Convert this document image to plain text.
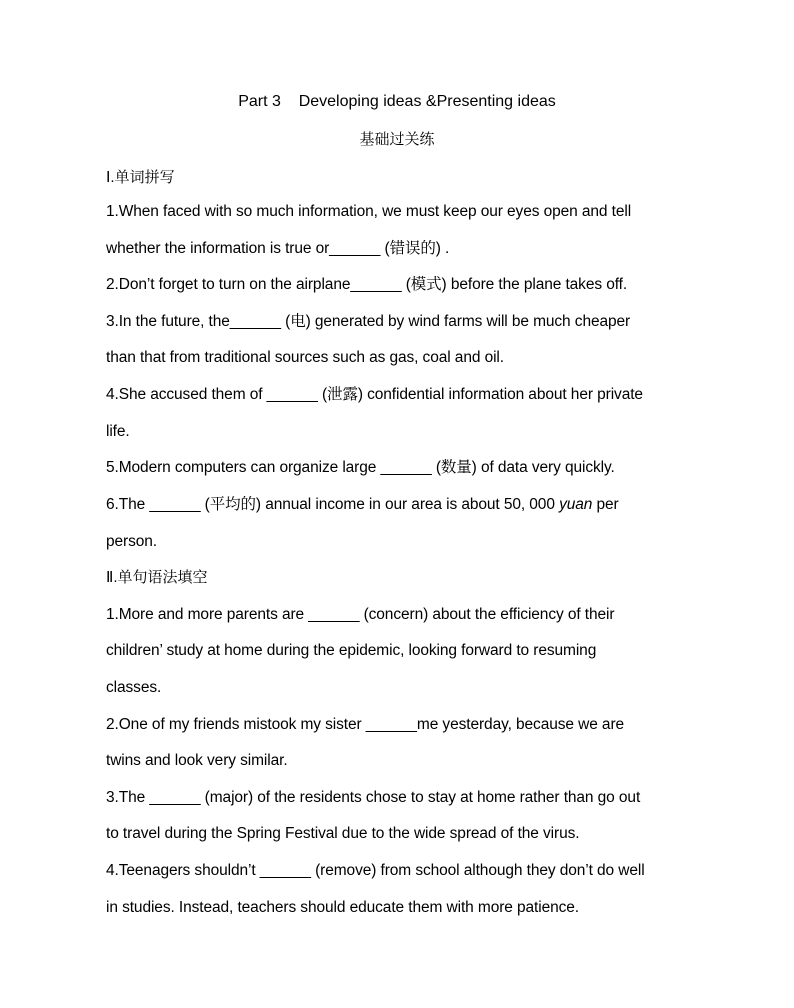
Part 3    Developing ideas &Presenting ideas
基础过关练
Ⅰ.单词拼写
1.When faced with so much information, we must keep our eyes open and tell
whether the information is true or______ (错误的) .
2.Don’t forget to turn on the airplane______ (模式) before the plane takes off.
3.In the future, the______ (电) generated by wind farms will be much cheaper
than that from traditional sources such as gas, coal and oil.
4.She accused them of ______ (泄露) confidential information about her private
life.
5.Modern computers can organize large ______ (数量) of data very quickly.
6.The ______ (平均的) annual income in our area is about 50, 000 yuan per
person.
Ⅱ.单句语法填空
1.More and more parents are ______ (concern) about the efficiency of their
children’ study at home during the epidemic, looking forward to resuming
classes.
2.One of my friends mistook my sister ______me yesterday, because we are
twins and look very similar.
3.The ______ (major) of the residents chose to stay at home rather than go out
to travel during the Spring Festival due to the wide spread of the virus.
4.Teenagers shouldn’t ______ (remove) from school although they don’t do well
in studies. Instead, teachers should educate them with more patience.
